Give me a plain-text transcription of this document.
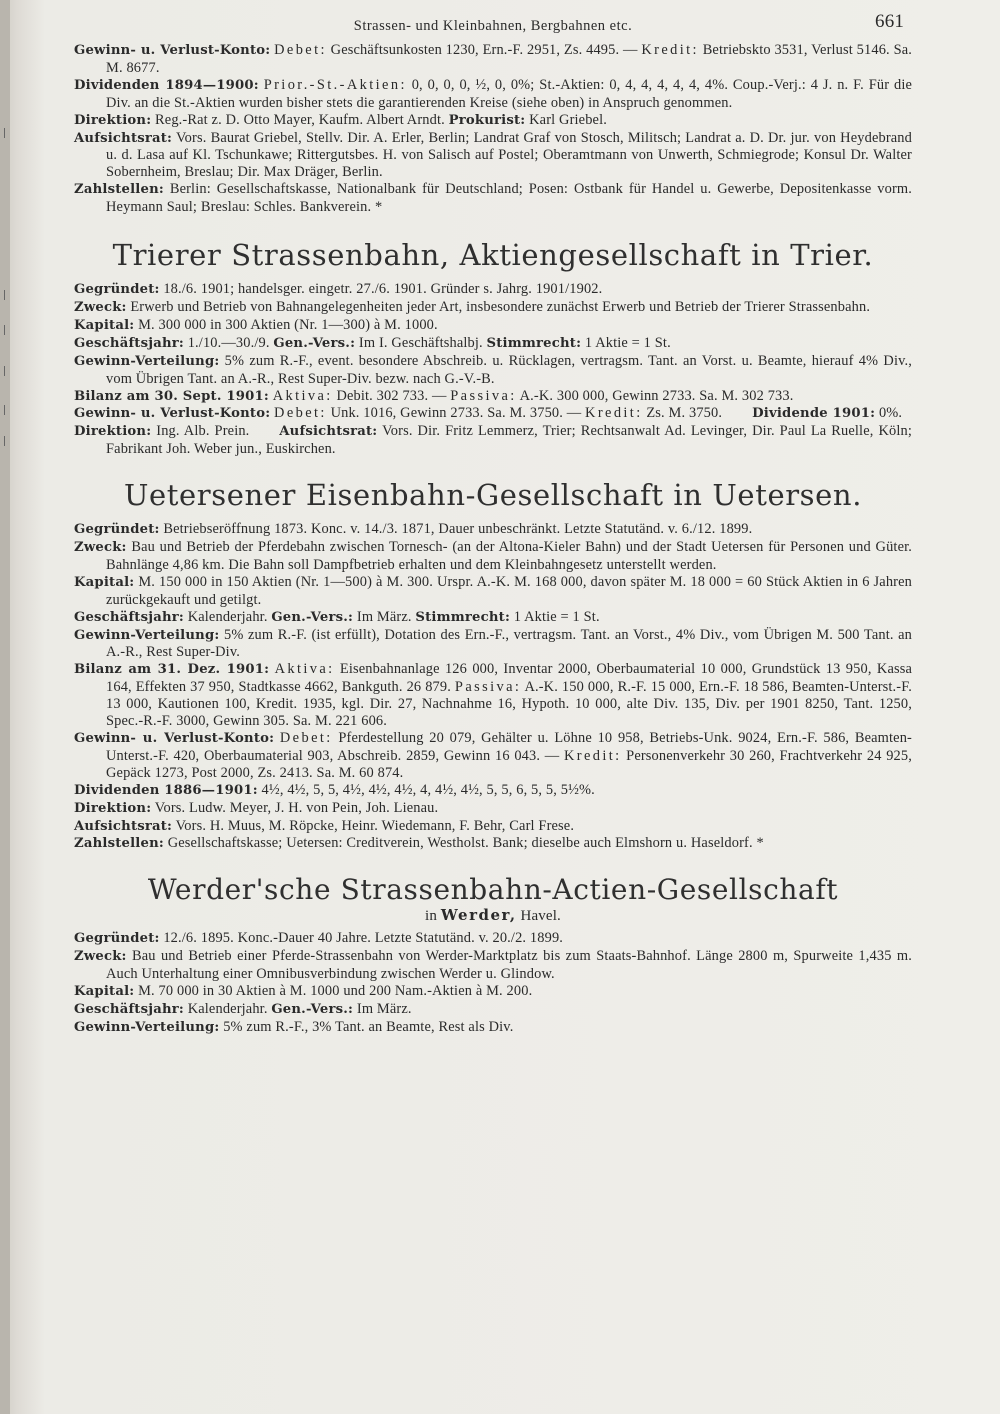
Strassen- und Kleinbahnen, Bergbahnen etc.	661

Gewinn- u. Verlust-Konto: Debet: Geschäftsunkosten 1230, Ern.-F. 2951, Zs. 4495. — Kredit: Betriebskto 3531, Verlust 5146. Sa. M. 8677.

Dividenden 1894—1900: Prior.-St.-Aktien: 0, 0, 0, 0, ½, 0, 0%; St.-Aktien: 0, 4, 4, 4, 4, 4, 4%. Coup.-Verj.: 4 J. n. F. Für die Div. an die St.-Aktien wurden bisher stets die garantierenden Kreise (siehe oben) in Anspruch genommen.

Direktion: Reg.-Rat z. D. Otto Mayer, Kaufm. Albert Arndt. Prokurist: Karl Griebel.

Aufsichtsrat: Vors. Baurat Griebel, Stellv. Dir. A. Erler, Berlin; Landrat Graf von Stosch, Militsch; Landrat a. D. Dr. jur. von Heydebrand u. d. Lasa auf Kl. Tschunkawe; Rittergutsbes. H. von Salisch auf Postel; Oberamtmann von Unwerth, Schmiegrode; Konsul Dr. Walter Sobernheim, Breslau; Dir. Max Dräger, Berlin.

Zahlstellen: Berlin: Gesellschaftskasse, Nationalbank für Deutschland; Posen: Ostbank für Handel u. Gewerbe, Depositenkasse vorm. Heymann Saul; Breslau: Schles. Bankverein. *

Trierer Strassenbahn, Aktiengesellschaft in Trier.

Gegründet: 18./6. 1901; handelsger. eingetr. 27./6. 1901. Gründer s. Jahrg. 1901/1902.

Zweck: Erwerb und Betrieb von Bahnangelegenheiten jeder Art, insbesondere zunächst Erwerb und Betrieb der Trierer Strassenbahn.

Kapital: M. 300 000 in 300 Aktien (Nr. 1—300) à M. 1000.

Geschäftsjahr: 1./10.—30./9. Gen.-Vers.: Im I. Geschäftshalbj. Stimmrecht: 1 Aktie = 1 St.

Gewinn-Verteilung: 5% zum R.-F., event. besondere Abschreib. u. Rücklagen, vertragsm. Tant. an Vorst. u. Beamte, hierauf 4% Div., vom Übrigen Tant. an A.-R., Rest Super-Div. bezw. nach G.-V.-B.

Bilanz am 30. Sept. 1901: Aktiva: Debit. 302 733. — Passiva: A.-K. 300 000, Gewinn 2733. Sa. M. 302 733.

Gewinn- u. Verlust-Konto: Debet: Unk. 1016, Gewinn 2733. Sa. M. 3750. — Kredit: Zs. M. 3750. Dividende 1901: 0%.

Direktion: Ing. Alb. Prein. Aufsichtsrat: Vors. Dir. Fritz Lemmerz, Trier; Rechtsanwalt Ad. Levinger, Dir. Paul La Ruelle, Köln; Fabrikant Joh. Weber jun., Euskirchen.

Uetersener Eisenbahn-Gesellschaft in Uetersen.

Gegründet: Betriebseröffnung 1873. Konc. v. 14./3. 1871, Dauer unbeschränkt. Letzte Statutänd. v. 6./12. 1899.

Zweck: Bau und Betrieb der Pferdebahn zwischen Tornesch- (an der Altona-Kieler Bahn) und der Stadt Uetersen für Personen und Güter. Bahnlänge 4,86 km. Die Bahn soll Dampfbetrieb erhalten und dem Kleinbahngesetz unterstellt werden.

Kapital: M. 150 000 in 150 Aktien (Nr. 1—500) à M. 300. Urspr. A.-K. M. 168 000, davon später M. 18 000 = 60 Stück Aktien in 6 Jahren zurückgekauft und getilgt.

Geschäftsjahr: Kalenderjahr. Gen.-Vers.: Im März. Stimmrecht: 1 Aktie = 1 St.

Gewinn-Verteilung: 5% zum R.-F. (ist erfüllt), Dotation des Ern.-F., vertragsm. Tant. an Vorst., 4% Div., vom Übrigen M. 500 Tant. an A.-R., Rest Super-Div.

Bilanz am 31. Dez. 1901: Aktiva: Eisenbahnanlage 126 000, Inventar 2000, Oberbaumaterial 10 000, Grundstück 13 950, Kassa 164, Effekten 37 950, Stadtkasse 4662, Bankguth. 26 879. Passiva: A.-K. 150 000, R.-F. 15 000, Ern.-F. 18 586, Beamten-Unterst.-F. 13 000, Kautionen 100, Kredit. 1935, kgl. Dir. 27, Nachnahme 16, Hypoth. 10 000, alte Div. 135, Div. per 1901 8250, Tant. 1250, Spec.-R.-F. 3000, Gewinn 305. Sa. M. 221 606.

Gewinn- u. Verlust-Konto: Debet: Pferdestellung 20 079, Gehälter u. Löhne 10 958, Betriebs-Unk. 9024, Ern.-F. 586, Beamten-Unterst.-F. 420, Oberbaumaterial 903, Abschreib. 2859, Gewinn 16 043. — Kredit: Personenverkehr 30 260, Frachtverkehr 24 925, Gepäck 1273, Post 2000, Zs. 2413. Sa. M. 60 874.

Dividenden 1886—1901: 4½, 4½, 5, 5, 4½, 4½, 4½, 4, 4½, 4½, 5, 5, 6, 5, 5, 5½%.

Direktion: Vors. Ludw. Meyer, J. H. von Pein, Joh. Lienau.

Aufsichtsrat: Vors. H. Muus, M. Röpcke, Heinr. Wiedemann, F. Behr, Carl Frese.

Zahlstellen: Gesellschaftskasse; Uetersen: Creditverein, Westholst. Bank; dieselbe auch Elmshorn u. Haseldorf. *

Werder'sche Strassenbahn-Actien-Gesellschaft
in Werder, Havel.

Gegründet: 12./6. 1895. Konc.-Dauer 40 Jahre. Letzte Statutänd. v. 20./2. 1899.

Zweck: Bau und Betrieb einer Pferde-Strassenbahn von Werder-Marktplatz bis zum Staats-Bahnhof. Länge 2800 m, Spurweite 1,435 m. Auch Unterhaltung einer Omnibusverbindung zwischen Werder u. Glindow.

Kapital: M. 70 000 in 30 Aktien à M. 1000 und 200 Nam.-Aktien à M. 200.

Geschäftsjahr: Kalenderjahr. Gen.-Vers.: Im März.

Gewinn-Verteilung: 5% zum R.-F., 3% Tant. an Beamte, Rest als Div.
